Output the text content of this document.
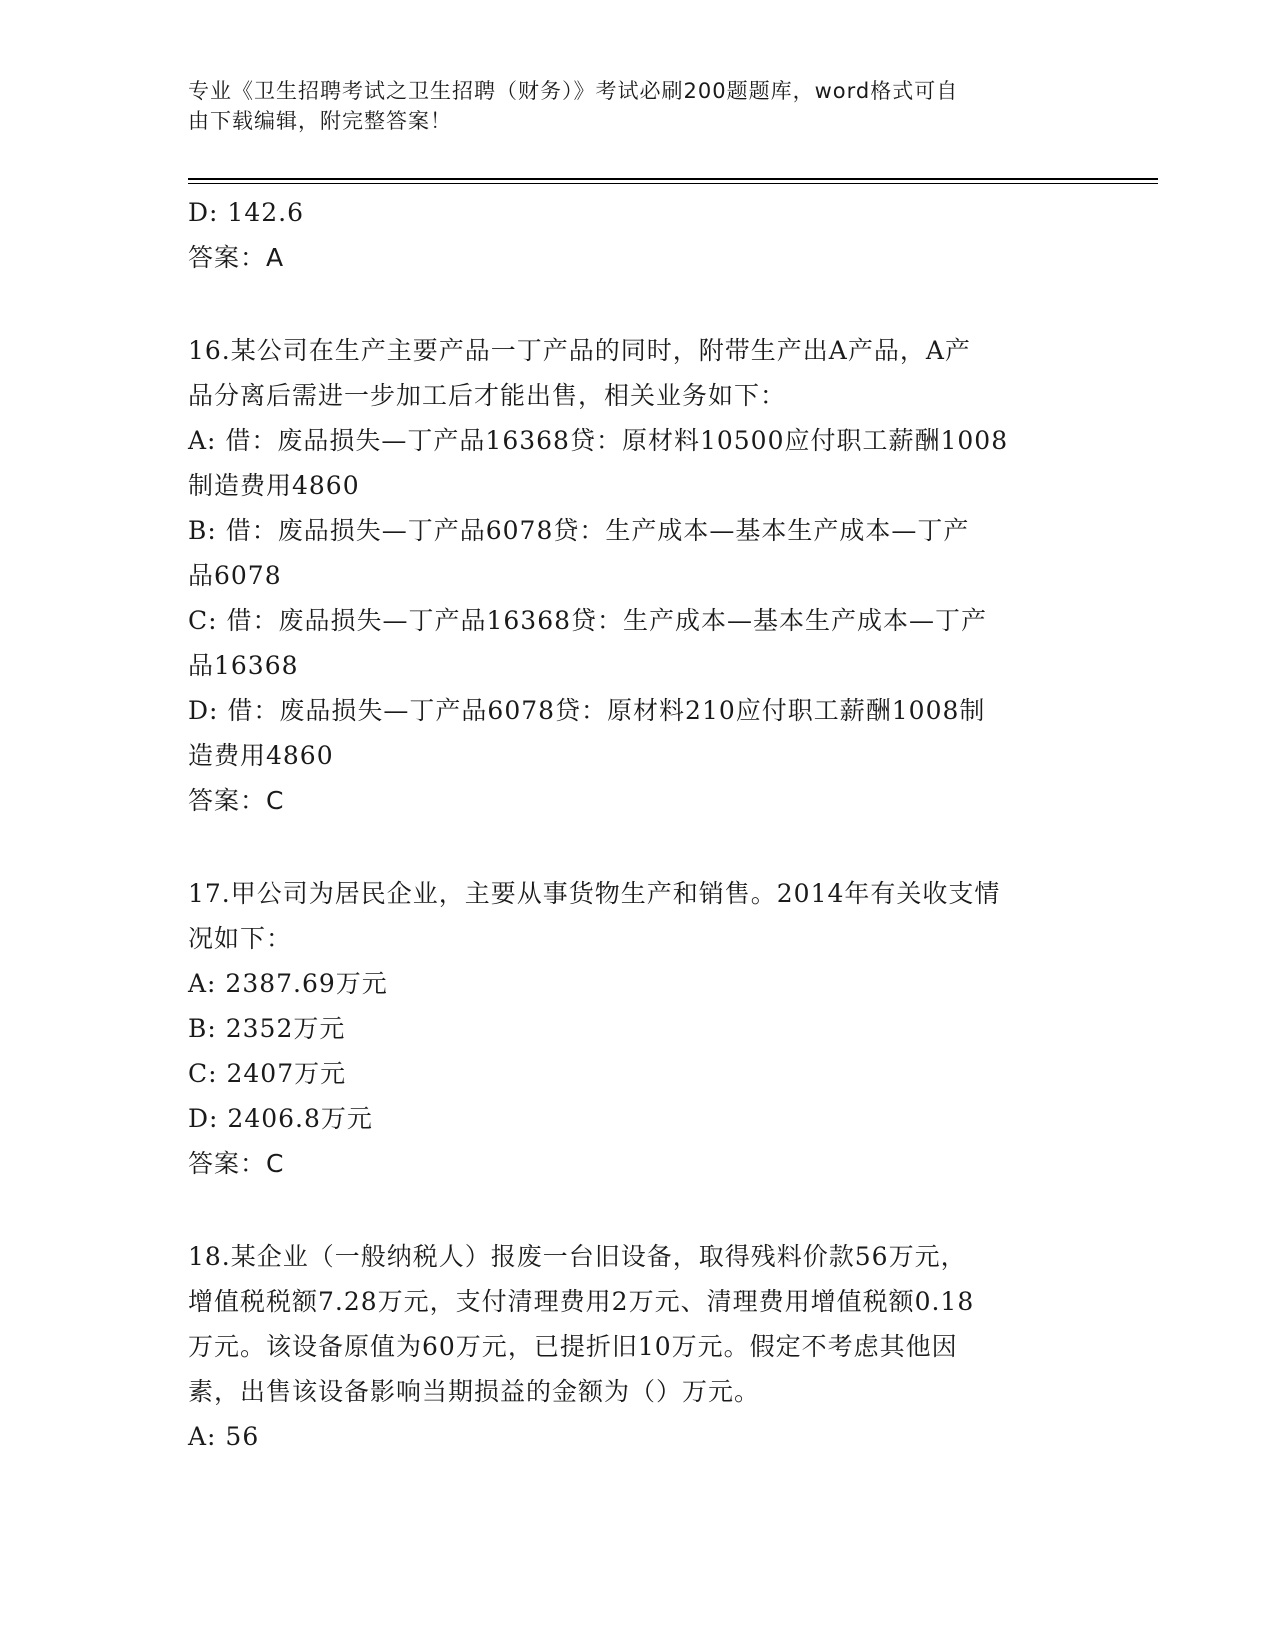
专业《卫生招聘考试之卫生招聘（财务）》考试必刷200题题库，word格式可自
由下载编辑，附完整答案！

D: 142.6

答案：A

16.某公司在生产主要产品一丁产品的同时，附带生产出A产品，A产

品分离后需进一步加工后才能出售，相关业务如下：

A: 借：废品损失—丁产品16368贷：原材料10500应付职工薪酬1008

制造费用4860

B: 借：废品损失—丁产品6078贷：生产成本—基本生产成本—丁产

品6078

C: 借：废品损失—丁产品16368贷：生产成本—基本生产成本—丁产

品16368

D: 借：废品损失—丁产品6078贷：原材料210应付职工薪酬1008制

造费用4860

答案：C

17.甲公司为居民企业，主要从事货物生产和销售。2014年有关收支情

况如下：

A: 2387.69万元

B: 2352万元

C: 2407万元

D: 2406.8万元

答案：C

18.某企业（一般纳税人）报废一台旧设备，取得残料价款56万元，

增值税税额7.28万元，支付清理费用2万元、清理费用增值税额0.18

万元。该设备原值为60万元，已提折旧10万元。假定不考虑其他因

素，出售该设备影响当期损益的金额为（）万元。

A: 56
